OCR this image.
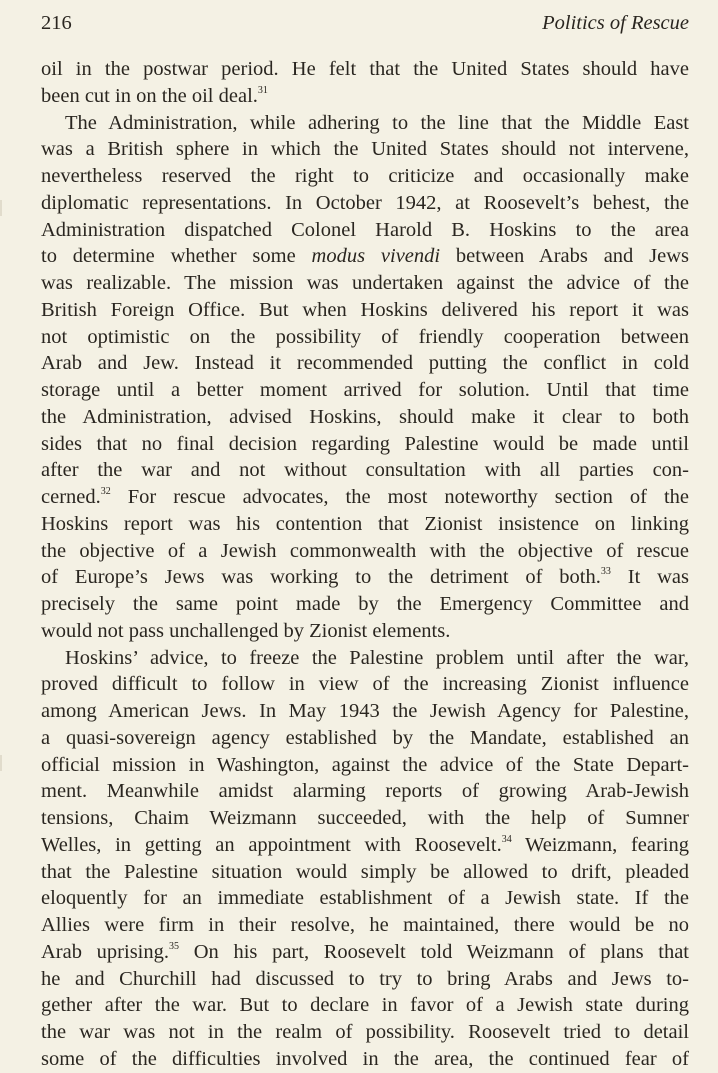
216	Politics of Rescue
oil in the postwar period. He felt that the United States should have
been cut in on the oil deal.$^{31}$
The Administration, while adhering to the line that the Middle East
was a British sphere in which the United States should not intervene,
nevertheless reserved the right to criticize and occasionally make
diplomatic representations. In October 1942, at Roosevelt’s behest, the
Administration dispatched Colonel Harold B. Hoskins to the area
to determine whether some modus vivendi between Arabs and Jews
was realizable. The mission was undertaken against the advice of the
British Foreign Office. But when Hoskins delivered his report it was
not optimistic on the possibility of friendly cooperation between
Arab and Jew. Instead it recommended putting the conflict in cold
storage until a better moment arrived for solution. Until that time
the Administration, advised Hoskins, should make it clear to both
sides that no final decision regarding Palestine would be made until
after the war and not without consultation with all parties con-
cerned.$^{32}$ For rescue advocates, the most noteworthy section of the
Hoskins report was his contention that Zionist insistence on linking
the objective of a Jewish commonwealth with the objective of rescue
of Europe’s Jews was working to the detriment of both.$^{33}$ It was
precisely the same point made by the Emergency Committee and
would not pass unchallenged by Zionist elements.
Hoskins’ advice, to freeze the Palestine problem until after the war,
proved difficult to follow in view of the increasing Zionist influence
among American Jews. In May 1943 the Jewish Agency for Palestine,
a quasi-sovereign agency established by the Mandate, established an
official mission in Washington, against the advice of the State Depart-
ment. Meanwhile amidst alarming reports of growing Arab-Jewish
tensions, Chaim Weizmann succeeded, with the help of Sumner
Welles, in getting an appointment with Roosevelt.$^{34}$ Weizmann, fearing
that the Palestine situation would simply be allowed to drift, pleaded
eloquently for an immediate establishment of a Jewish state. If the
Allies were firm in their resolve, he maintained, there would be no
Arab uprising.$^{35}$ On his part, Roosevelt told Weizmann of plans that
he and Churchill had discussed to try to bring Arabs and Jews to-
gether after the war. But to declare in favor of a Jewish state during
the war was not in the realm of possibility. Roosevelt tried to detail
some of the difficulties involved in the area, the continued fear of
